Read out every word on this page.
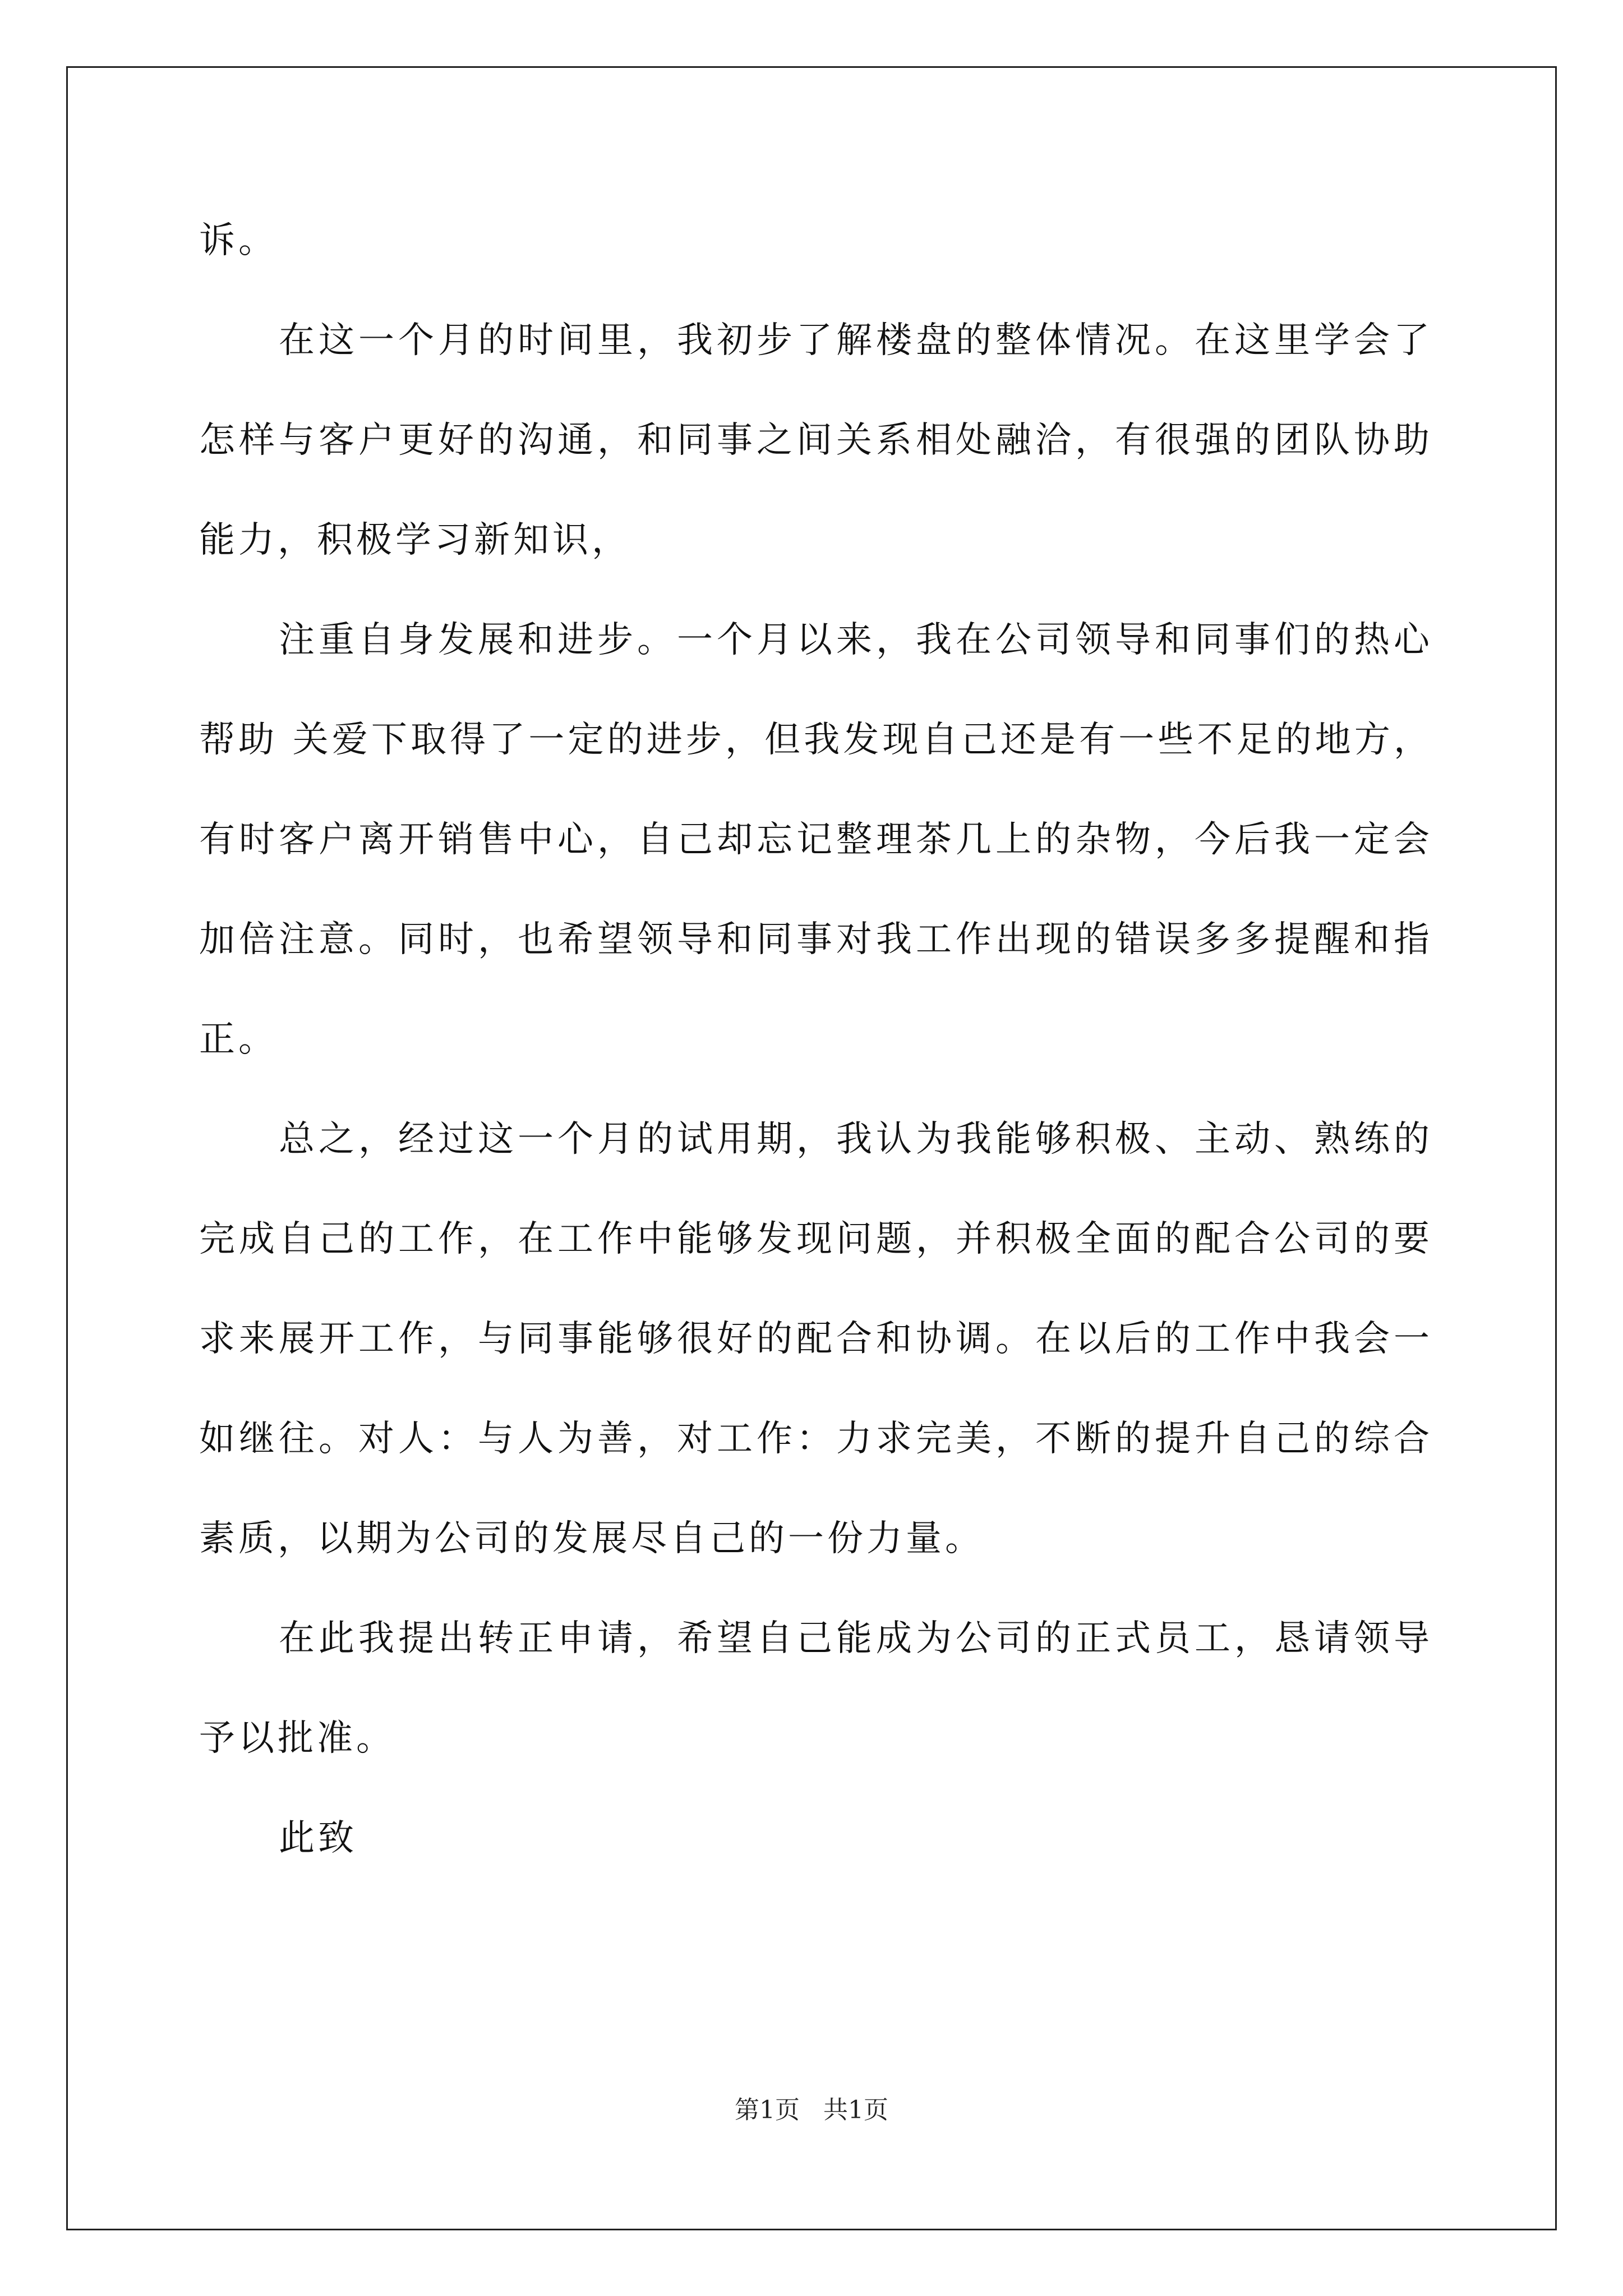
诉。

在这一个月的时间里，我初步了解楼盘的整体情况。在这里学会了怎样与客户更好的沟通，和同事之间关系相处融洽，有很强的团队协助能力，积极学习新知识，

注重自身发展和进步。一个月以来，我在公司领导和同事们的热心帮助 关爱下取得了一定的进步，但我发现自己还是有一些不足的地方，有时客户离开销售中心，自己却忘记整理茶几上的杂物，今后我一定会加倍注意。同时，也希望领导和同事对我工作出现的错误多多提醒和指正。

总之，经过这一个月的试用期，我认为我能够积极、主动、熟练的完成自己的工作，在工作中能够发现问题，并积极全面的配合公司的要求来展开工作，与同事能够很好的配合和协调。在以后的工作中我会一如继往。对人：与人为善，对工作：力求完美，不断的提升自己的综合素质，以期为公司的发展尽自己的一份力量。

在此我提出转正申请，希望自己能成为公司的正式员工，恳请领导予以批准。

此致

第1页 共1页
